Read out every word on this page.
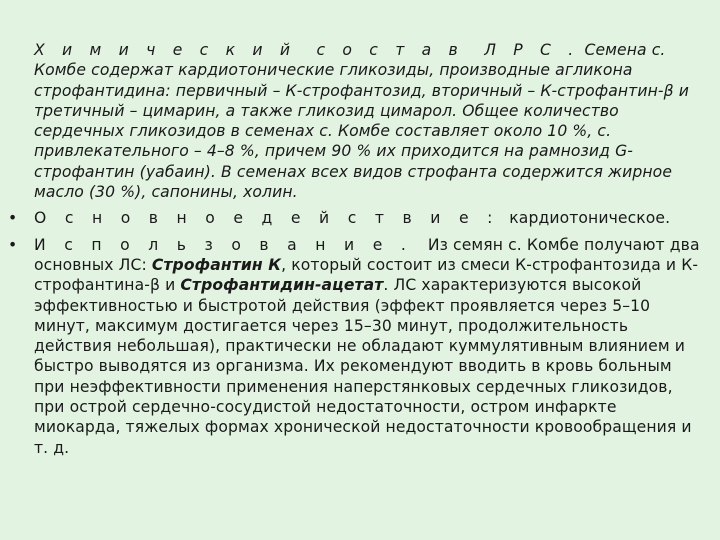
Х и м и ч е с к и й с о с т а в Л Р С . Семена с. Комбе содержат кардиотонические гликозиды, производные агликона строфантидина: первичный – К-строфантозид, вторичный – К-строфантин-β и третичный – цимарин, а также гликозид цимарол. Общее количество сердечных гликозидов в семенах с. Комбе составляет около 10 %, с. привлекательного – 4–8 %, причем 90 % их приходится на рамнозид G-строфантин (уабаин). В семенах всех видов строфанта содержится жирное масло (30 %), сапонины, холин.

• О с н о в н о е д е й с т в и е : кардиотоническое.

• И с п о л ь з о в а н и е . Из семян с. Комбе получают два основных ЛС: Строфантин К, который состоит из смеси К-строфантозида и К-строфантина-β и Строфантидин-ацетат. ЛС характеризуются высокой эффективностью и быстротой действия (эффект проявляется через 5–10 минут, максимум достигается через 15–30 минут, продолжительность действия небольшая), практически не обладают куммулятивным влиянием и быстро выводятся из организма. Их рекомендуют вводить в кровь больным при неэффективности применения наперстянковых сердечных гликозидов, при острой сердечно-сосудистой недостаточности, остром инфаркте миокарда, тяжелых формах хронической недостаточности кровообращения и т. д.
